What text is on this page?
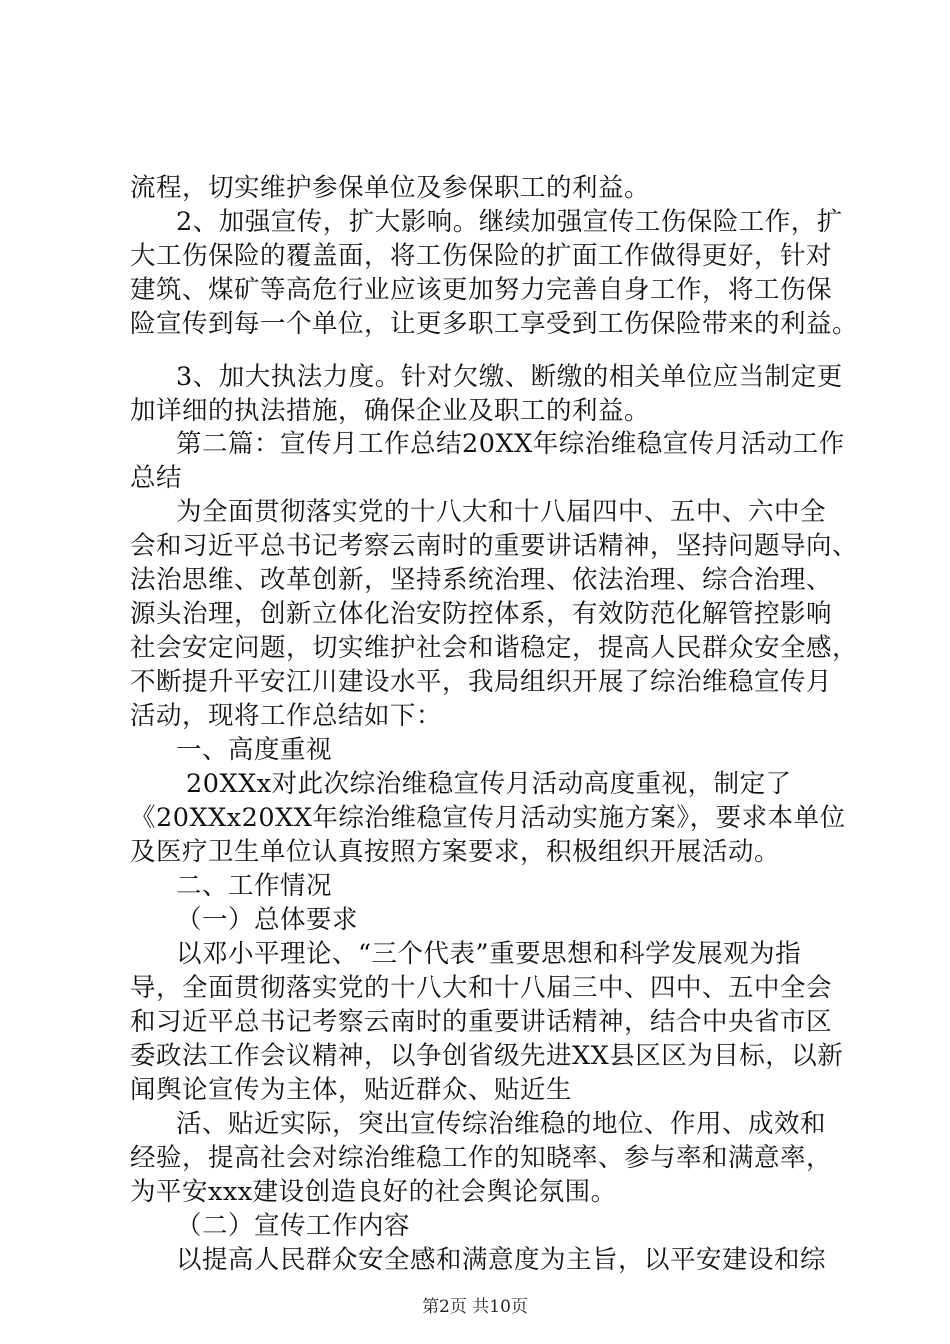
流程，切实维护参保单位及参保职工的利益。
2、加强宣传，扩大影响。继续加强宣传工伤保险工作，扩
大工伤保险的覆盖面，将工伤保险的扩面工作做得更好，针对
建筑、煤矿等高危行业应该更加努力完善自身工作，将工伤保
险宣传到每一个单位，让更多职工享受到工伤保险带来的利益。
3、加大执法力度。针对欠缴、断缴的相关单位应当制定更
加详细的执法措施，确保企业及职工的利益。
第二篇：宣传月工作总结20XX年综治维稳宣传月活动工作
总结
为全面贯彻落实党的十八大和十八届四中、五中、六中全
会和习近平总书记考察云南时的重要讲话精神，坚持问题导向、
法治思维、改革创新，坚持系统治理、依法治理、综合治理、
源头治理，创新立体化治安防控体系，有效防范化解管控影响
社会安定问题，切实维护社会和谐稳定，提高人民群众安全感，
不断提升平安江川建设水平，我局组织开展了综治维稳宣传月
活动，现将工作总结如下：
一、高度重视
20XXx对此次综治维稳宣传月活动高度重视，制定了
《20XXx20XX年综治维稳宣传月活动实施方案》，要求本单位
及医疗卫生单位认真按照方案要求，积极组织开展活动。
二、工作情况
（一）总体要求
以邓小平理论、“三个代表”重要思想和科学发展观为指
导，全面贯彻落实党的十八大和十八届三中、四中、五中全会
和习近平总书记考察云南时的重要讲话精神，结合中央省市区
委政法工作会议精神，以争创省级先进XX县区区为目标，以新
闻舆论宣传为主体，贴近群众、贴近生
活、贴近实际，突出宣传综治维稳的地位、作用、成效和
经验，提高社会对综治维稳工作的知晓率、参与率和满意率，
为平安xxx建设创造良好的社会舆论氛围。
（二）宣传工作内容
以提高人民群众安全感和满意度为主旨，以平安建设和综
第2页 共10页
